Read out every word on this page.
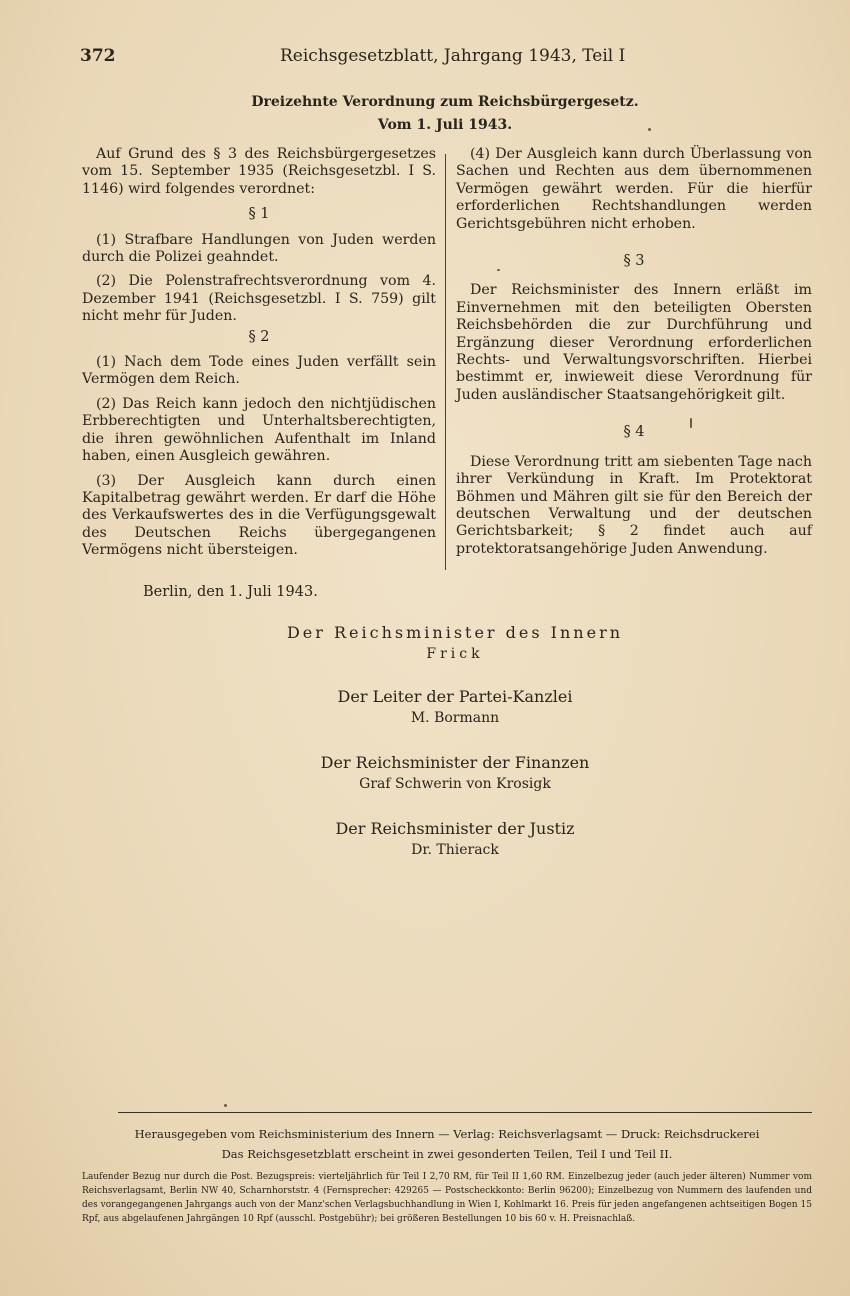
372	Reichsgesetzblatt, Jahrgang 1943, Teil I
Dreizehnte Verordnung zum Reichsbürgergesetz.
Vom 1. Juli 1943.

Auf Grund des § 3 des Reichsbürgergesetzes vom 15. September 1935 (Reichsgesetzbl. I S. 1146) wird folgendes verordnet:

§ 1

(1) Strafbare Handlungen von Juden werden durch die Polizei geahndet.

(2) Die Polenstrafrechtsverordnung vom 4. Dezember 1941 (Reichsgesetzbl. I S. 759) gilt nicht mehr für Juden.

§ 2

(1) Nach dem Tode eines Juden verfällt sein Vermögen dem Reich.

(2) Das Reich kann jedoch den nichtjüdischen Erbberechtigten und Unterhaltsberechtigten, die ihren gewöhnlichen Aufenthalt im Inland haben, einen Ausgleich gewähren.

(3) Der Ausgleich kann durch einen Kapitalbetrag gewährt werden. Er darf die Höhe des Verkaufswertes des in die Verfügungsgewalt des Deutschen Reichs übergegangenen Vermögens nicht übersteigen.

(4) Der Ausgleich kann durch Überlassung von Sachen und Rechten aus dem übernommenen Vermögen gewährt werden. Für die hierfür erforderlichen Rechtshandlungen werden Gerichtsgebühren nicht erhoben.

§ 3

Der Reichsminister des Innern erläßt im Einvernehmen mit den beteiligten Obersten Reichsbehörden die zur Durchführung und Ergänzung dieser Verordnung erforderlichen Rechts- und Verwaltungsvorschriften. Hierbei bestimmt er, inwieweit diese Verordnung für Juden ausländischer Staatsangehörigkeit gilt.

§ 4

Diese Verordnung tritt am siebenten Tage nach ihrer Verkündung in Kraft. Im Protektorat Böhmen und Mähren gilt sie für den Bereich der deutschen Verwaltung und der deutschen Gerichtsbarkeit; § 2 findet auch auf protektoratsangehörige Juden Anwendung.

Berlin, den 1. Juli 1943.
Der Reichsminister des Innern
Frick
Der Leiter der Partei-Kanzlei
M. Bormann
Der Reichsminister der Finanzen
Graf Schwerin von Krosigk
Der Reichsminister der Justiz
Dr. Thierack
Herausgegeben vom Reichsministerium des Innern — Verlag: Reichsverlagsamt — Druck: Reichsdruckerei
Das Reichsgesetzblatt erscheint in zwei gesonderten Teilen, Teil I und Teil II.
Laufender Bezug nur durch die Post. Bezugspreis: vierteljährlich für Teil I 2,70 RM, für Teil II 1,60 RM. Einzelbezug jeder (auch jeder älteren) Nummer vom Reichsverlagsamt, Berlin NW 40, Scharnhorststr. 4 (Fernsprecher: 429265 — Postscheckkonto: Berlin 96200); Einzelbezug von Nummern des laufenden und des vorangegangenen Jahrgangs auch von der Manz'schen Verlagsbuchhandlung in Wien I, Kohlmarkt 16. Preis für jeden angefangenen achtseitigen Bogen 15 Rpf, aus abgelaufenen Jahrgängen 10 Rpf (ausschl. Postgebühr); bei größeren Bestellungen 10 bis 60 v. H. Preisnachlaß.
